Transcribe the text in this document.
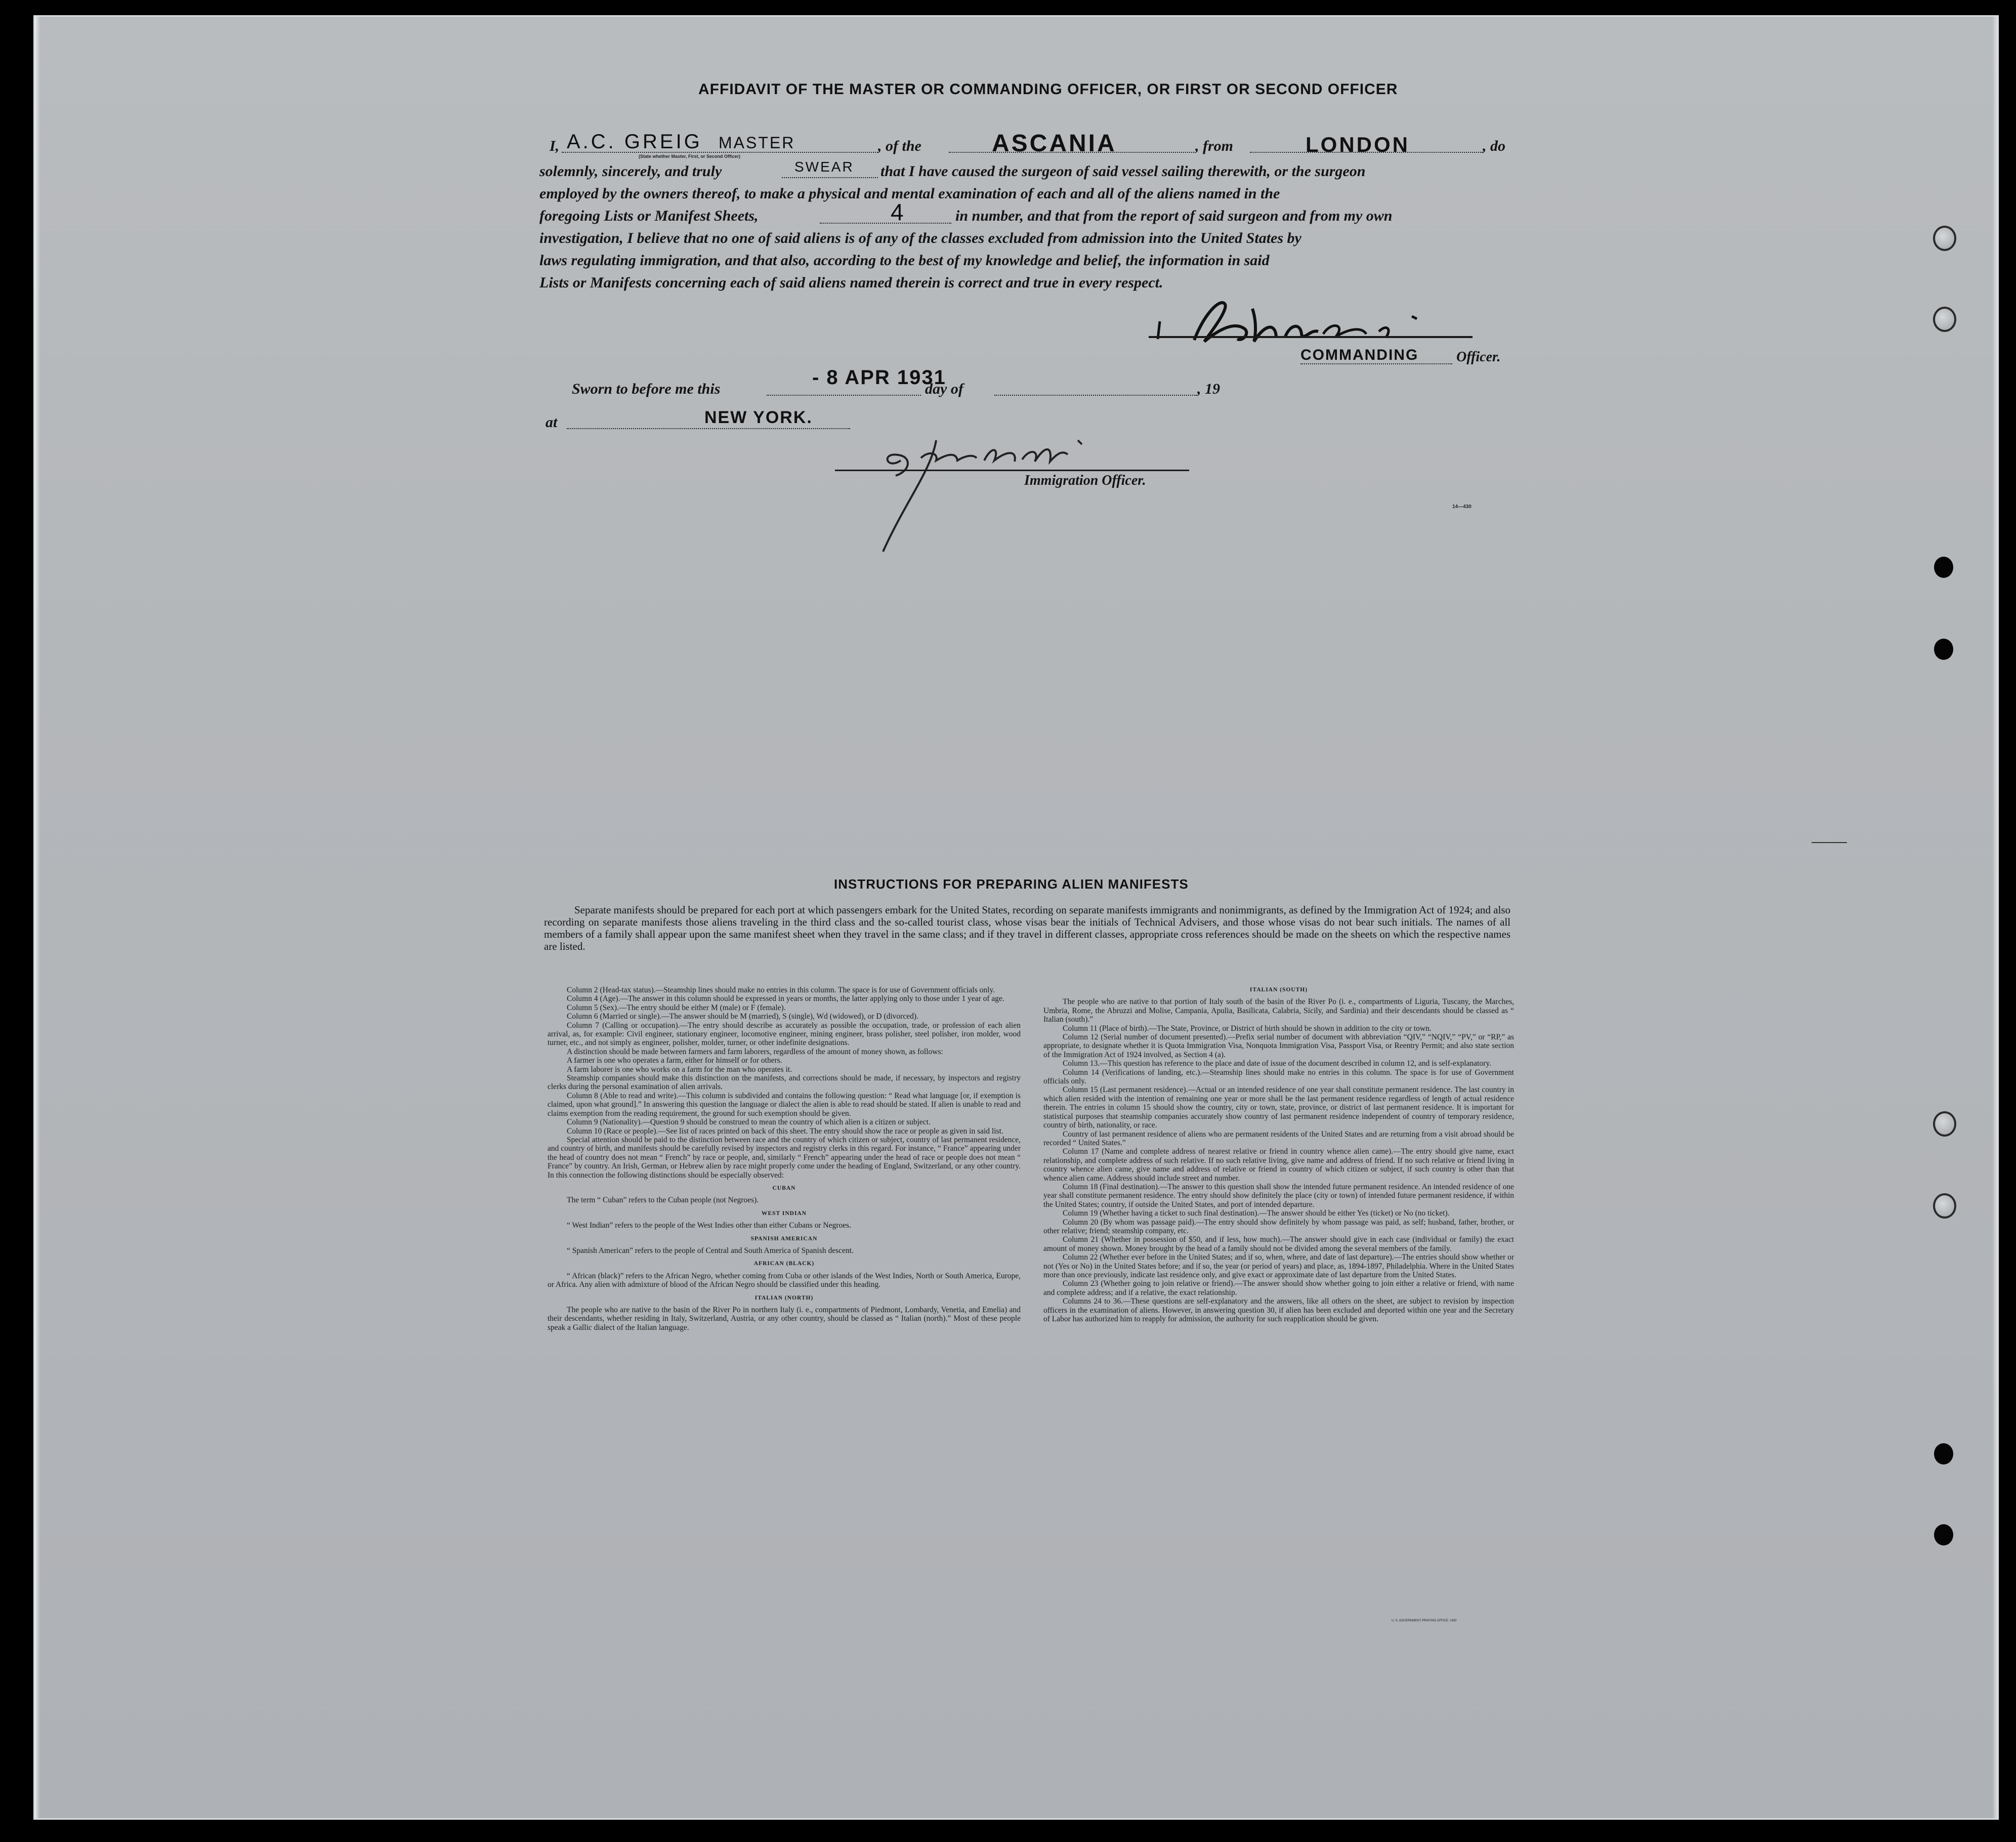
AFFIDAVIT OF THE MASTER OR COMMANDING OFFICER, OR FIRST OR SECOND OFFICER
I, A.C. GREIG MASTER
(State whether Master, First, or Second Officer)
, of the	ASCANIA	, from	LONDON	, do
solemnly, sincerely, and truly	SWEAR that I have caused the surgeon of said vessel sailing therewith, or the surgeon
employed by the owners thereof, to make a physical and mental examination of each and all of the aliens named in the
foregoing Lists or Manifest Sheets,	4	in number, and that from the report of said surgeon and from my own
investigation, I believe that no one of said aliens is of any of the classes excluded from admission into the United States by
laws regulating immigration, and that also, according to the best of my knowledge and belief, the information in said
Lists or Manifests concerning each of said aliens named therein is correct and true in every respect.
COMMANDING	Officer.
Sworn to before me this
- 8 APR 1931
day of	, 19
at	NEW YORK.
Immigration Officer.
14—430
INSTRUCTIONS FOR PREPARING ALIEN MANIFESTS
Separate manifests should be prepared for each port at which passengers embark for the United States, recording on separate manifests immigrants and nonimmigrants, as defined by the Immigration Act of 1924; and also recording on separate manifests those aliens traveling in the third class and the so-called tourist class, whose visas bear the initials of Technical Advisers, and those whose visas do not bear such initials. The names of all members of a family shall appear upon the same manifest sheet when they travel in the same class; and if they travel in different classes, appropriate cross references should be made on the sheets on which the respective names are listed.

Column 2 (Head-tax status).—Steamship lines should make no entries in this column. The space is for use of Government officials only.

Column 4 (Age).—The answer in this column should be expressed in years or months, the latter applying only to those under 1 year of age.

Column 5 (Sex).—The entry should be either M (male) or F (female).

Column 6 (Married or single).—The answer should be M (married), S (single), Wd (widowed), or D (divorced).

Column 7 (Calling or occupation).—The entry should describe as accurately as possible the occupation, trade, or profession of each alien arrival, as, for example: Civil engineer, stationary engineer, locomotive engineer, mining engineer, brass polisher, steel polisher, iron molder, wood turner, etc., and not simply as engineer, polisher, molder, turner, or other indefinite designations.

A distinction should be made between farmers and farm laborers, regardless of the amount of money shown, as follows:

A farmer is one who operates a farm, either for himself or for others.

A farm laborer is one who works on a farm for the man who operates it.

Steamship companies should make this distinction on the manifests, and corrections should be made, if necessary, by inspectors and registry clerks during the personal examination of alien arrivals.

Column 8 (Able to read and write).—This column is subdivided and contains the following question: “ Read what language [or, if exemption is claimed, upon what ground].” In answering this question the language or dialect the alien is able to read should be stated. If alien is unable to read and claims exemption from the reading requirement, the ground for such exemption should be given.

Column 9 (Nationality).—Question 9 should be construed to mean the country of which alien is a citizen or subject.

Column 10 (Race or people).—See list of races printed on back of this sheet. The entry should show the race or people as given in said list.

Special attention should be paid to the distinction between race and the country of which citizen or subject, country of last permanent residence, and country of birth, and manifests should be carefully revised by inspectors and registry clerks in this regard. For instance, “ France” appearing under the head of country does not mean “ French” by race or people, and, similarly “ French” appearing under the head of race or people does not mean “ France” by country. An Irish, German, or Hebrew alien by race might properly come under the heading of England, Switzerland, or any other country. In this connection the following distinctions should be especially observed:

CUBAN

The term “ Cuban” refers to the Cuban people (not Negroes).

WEST INDIAN

“ West Indian” refers to the people of the West Indies other than either Cubans or Negroes.

SPANISH AMERICAN

“ Spanish American” refers to the people of Central and South America of Spanish descent.

AFRICAN (BLACK)

“ African (black)” refers to the African Negro, whether coming from Cuba or other islands of the West Indies, North or South America, Europe, or Africa. Any alien with admixture of blood of the African Negro should be classified under this heading.

ITALIAN (NORTH)

The people who are native to the basin of the River Po in northern Italy (i. e., compartments of Piedmont, Lombardy, Venetia, and Emelia) and their descendants, whether residing in Italy, Switzerland, Austria, or any other country, should be classed as “ Italian (north).” Most of these people speak a Gallic dialect of the Italian language.

ITALIAN (SOUTH)

The people who are native to that portion of Italy south of the basin of the River Po (i. e., compartments of Liguria, Tuscany, the Marches, Umbria, Rome, the Abruzzi and Molise, Campania, Apulia, Basilicata, Calabria, Sicily, and Sardinia) and their descendants should be classed as “ Italian (south).”

Column 11 (Place of birth).—The State, Province, or District of birth should be shown in addition to the city or town.

Column 12 (Serial number of document presented).—Prefix serial number of document with abbreviation “QIV,” “NQIV,” “PV,” or “RP,” as appropriate, to designate whether it is Quota Immigration Visa, Nonquota Immigration Visa, Passport Visa, or Reentry Permit; and also state section of the Immigration Act of 1924 involved, as Section 4 (a).

Column 13.—This question has reference to the place and date of issue of the document described in column 12, and is self-explanatory.

Column 14 (Verifications of landing, etc.).—Steamship lines should make no entries in this column. The space is for use of Government officials only.

Column 15 (Last permanent residence).—Actual or an intended residence of one year shall constitute permanent residence. The last country in which alien resided with the intention of remaining one year or more shall be the last permanent residence regardless of length of actual residence therein. The entries in column 15 should show the country, city or town, state, province, or district of last permanent residence. It is important for statistical purposes that steamship companies accurately show country of last permanent residence independent of country of temporary residence, country of birth, nationality, or race.

Country of last permanent residence of aliens who are permanent residents of the United States and are returning from a visit abroad should be recorded “ United States.”

Column 17 (Name and complete address of nearest relative or friend in country whence alien came).—The entry should give name, exact relationship, and complete address of such relative. If no such relative living, give name and address of friend. If no such relative or friend living in country whence alien came, give name and address of relative or friend in country of which citizen or subject, if such country is other than that whence alien came. Address should include street and number.

Column 18 (Final destination).—The answer to this question shall show the intended future permanent residence. An intended residence of one year shall constitute permanent residence. The entry should show definitely the place (city or town) of intended future permanent residence, if within the United States; country, if outside the United States, and port of intended departure.

Column 19 (Whether having a ticket to such final destination).—The answer should be either Yes (ticket) or No (no ticket).

Column 20 (By whom was passage paid).—The entry should show definitely by whom passage was paid, as self; husband, father, brother, or other relative; friend; steamship company, etc.

Column 21 (Whether in possession of $50, and if less, how much).—The answer should give in each case (individual or family) the exact amount of money shown. Money brought by the head of a family should not be divided among the several members of the family.

Column 22 (Whether ever before in the United States; and if so, when, where, and date of last departure).—The entries should show whether or not (Yes or No) in the United States before; and if so, the year (or period of years) and place, as, 1894-1897, Philadelphia. Where in the United States more than once previously, indicate last residence only, and give exact or approximate date of last departure from the United States.

Column 23 (Whether going to join relative or friend).—The answer should show whether going to join either a relative or friend, with name and complete address; and if a relative, the exact relationship.

Columns 24 to 36.—These questions are self-explanatory and the answers, like all others on the sheet, are subject to revision by inspection officers in the examination of aliens. However, in answering question 30, if alien has been excluded and deported within one year and the Secretary of Labor has authorized him to reapply for admission, the authority for such reapplication should be given.

U. S. GOVERNMENT PRINTING OFFICE: 1930
